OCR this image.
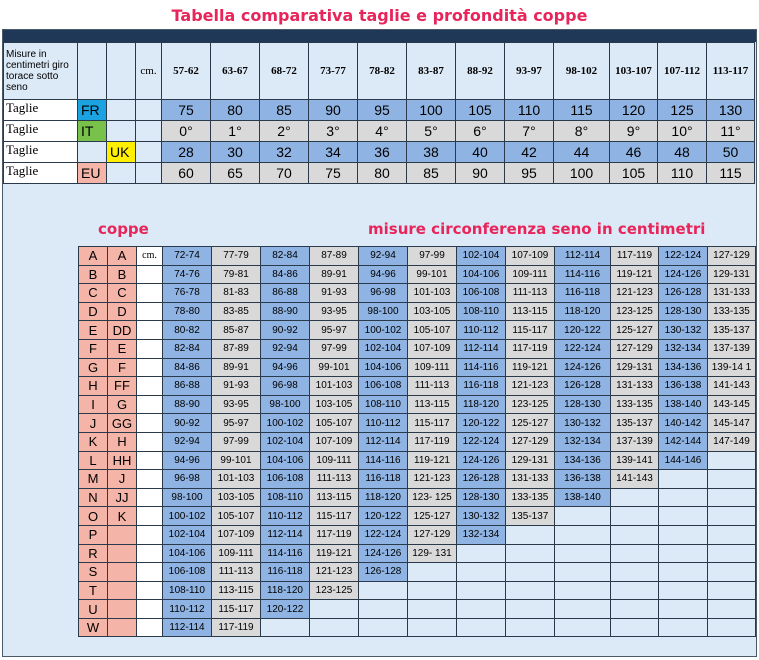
Tabella comparativa taglie e profondità coppe
Misure in centimetri giro torace sotto seno			cm.	57-62	63-67	68-72	73-77	78-82	83-87	88-92	93-97	98-102	103-107	107-112	113-117
Taglie	FR			75	80	85	90	95	100	105	110	115	120	125	130
Taglie	IT			0°	1°	2°	3°	4°	5°	6°	7°	8°	9°	10°	11°
Taglie		UK		28	30	32	34	36	38	40	42	44	46	48	50
Taglie	EU			60	65	70	75	80	85	90	95	100	105	110	115
coppe	misure circonferenza seno in centimetri
A	A	cm.	72-74	77-79	82-84	87-89	92-94	97-99	102-104	107-109	112-114	117-119	122-124	127-129
B	B		74-76	79-81	84-86	89-91	94-96	99-101	104-106	109-111	114-116	119-121	124-126	129-131
C	C		76-78	81-83	86-88	91-93	96-98	101-103	106-108	111-113	116-118	121-123	126-128	131-133
D	D		78-80	83-85	88-90	93-95	98-100	103-105	108-110	113-115	118-120	123-125	128-130	133-135
E	DD		80-82	85-87	90-92	95-97	100-102	105-107	110-112	115-117	120-122	125-127	130-132	135-137
F	E		82-84	87-89	92-94	97-99	102-104	107-109	112-114	117-119	122-124	127-129	132-134	137-139
G	F		84-86	89-91	94-96	99-101	104-106	109-111	114-116	119-121	124-126	129-131	134-136	139-14 1
H	FF		86-88	91-93	96-98	101-103	106-108	111-113	116-118	121-123	126-128	131-133	136-138	141-143
I	G		88-90	93-95	98-100	103-105	108-110	113-115	118-120	123-125	128-130	133-135	138-140	143-145
J	GG		90-92	95-97	100-102	105-107	110-112	115-117	120-122	125-127	130-132	135-137	140-142	145-147
K	H		92-94	97-99	102-104	107-109	112-114	117-119	122-124	127-129	132-134	137-139	142-144	147-149
L	HH		94-96	99-101	104-106	109-111	114-116	119-121	124-126	129-131	134-136	139-141	144-146	
M	J		96-98	101-103	106-108	111-113	116-118	121-123	126-128	131-133	136-138	141-143		
N	JJ		98-100	103-105	108-110	113-115	118-120	123- 125	128-130	133-135	138-140			
O	K		100-102	105-107	110-112	115-117	120-122	125-127	130-132	135-137				
P			102-104	107-109	112-114	117-119	122-124	127-129	132-134					
R			104-106	109-111	114-116	119-121	124-126	129- 131						
S			106-108	111-113	116-118	121-123	126-128							
T			108-110	113-115	118-120	123-125								
U			110-112	115-117	120-122									
W			112-114	117-119										
